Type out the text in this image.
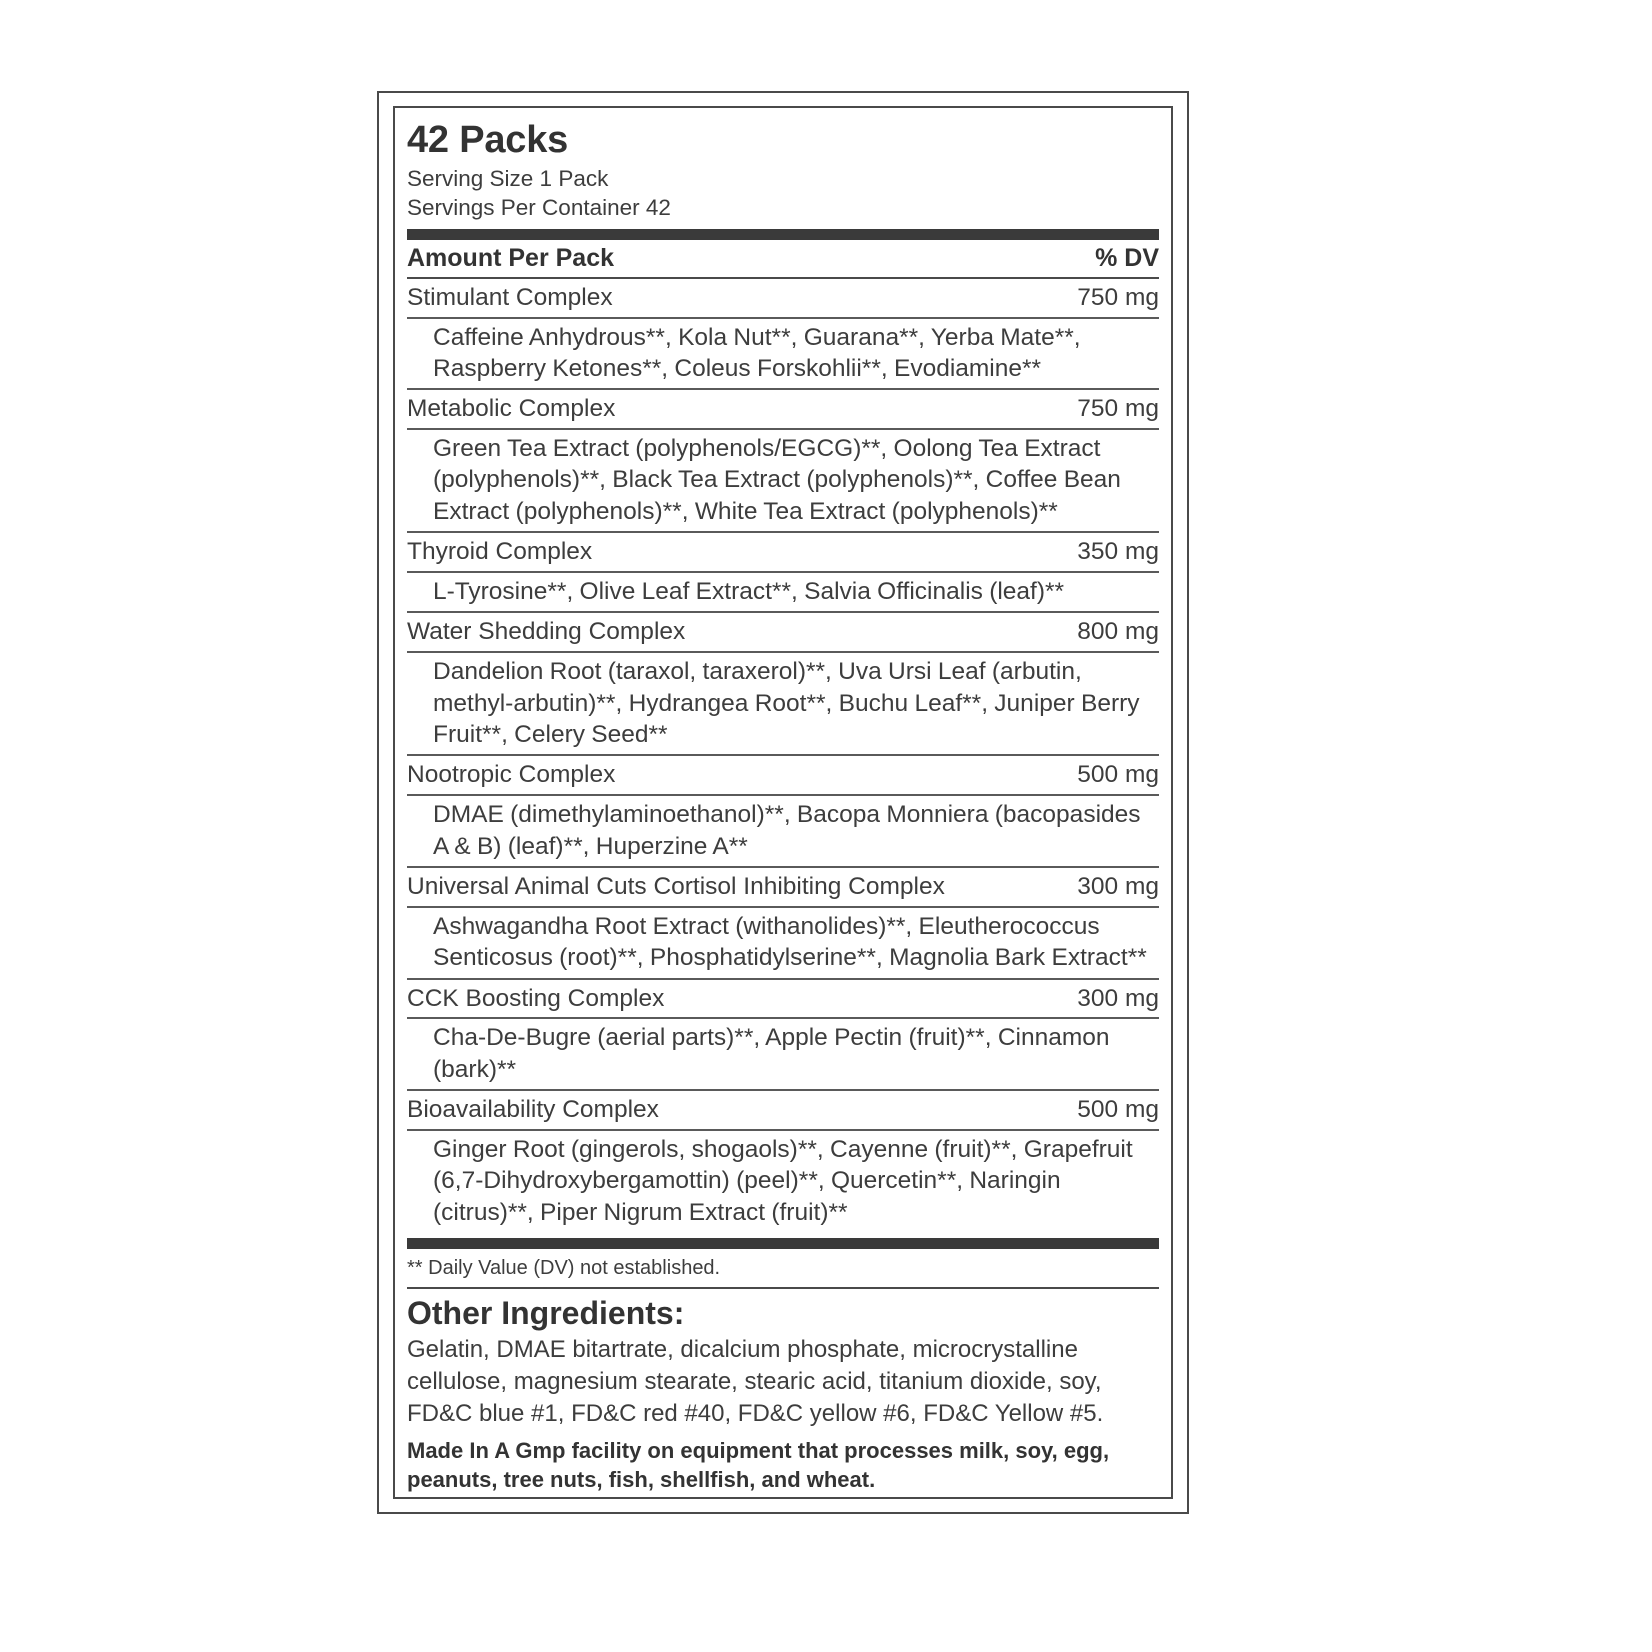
42 Packs
Serving Size 1 Pack
Servings Per Container 42
Amount Per Pack	% DV
Stimulant Complex	750 mg
Caffeine Anhydrous**, Kola Nut**, Guarana**, Yerba Mate**, Raspberry Ketones**, Coleus Forskohlii**, Evodiamine**
Metabolic Complex	750 mg
Green Tea Extract (polyphenols/EGCG)**, Oolong Tea Extract (polyphenols)**, Black Tea Extract (polyphenols)**, Coffee Bean Extract (polyphenols)**, White Tea Extract (polyphenols)**
Thyroid Complex	350 mg
L-Tyrosine**, Olive Leaf Extract**, Salvia Officinalis (leaf)**
Water Shedding Complex	800 mg
Dandelion Root (taraxol, taraxerol)**, Uva Ursi Leaf (arbutin, methyl-arbutin)**, Hydrangea Root**, Buchu Leaf**, Juniper Berry Fruit**, Celery Seed**
Nootropic Complex	500 mg
DMAE (dimethylaminoethanol)**, Bacopa Monniera (bacopasides A & B) (leaf)**, Huperzine A**
Universal Animal Cuts Cortisol Inhibiting Complex	300 mg
Ashwagandha Root Extract (withanolides)**, Eleutherococcus Senticosus (root)**, Phosphatidylserine**, Magnolia Bark Extract**
CCK Boosting Complex	300 mg
Cha-De-Bugre (aerial parts)**, Apple Pectin (fruit)**, Cinnamon (bark)**
Bioavailability Complex	500 mg
Ginger Root (gingerols, shogaols)**, Cayenne (fruit)**, Grapefruit (6,7-Dihydroxybergamottin) (peel)**, Quercetin**, Naringin (citrus)**, Piper Nigrum Extract (fruit)**
** Daily Value (DV) not established.
Other Ingredients:
Gelatin, DMAE bitartrate, dicalcium phosphate, microcrystalline cellulose, magnesium stearate, stearic acid, titanium dioxide, soy, FD&C blue #1, FD&C red #40, FD&C yellow #6, FD&C Yellow #5.
Made In A Gmp facility on equipment that processes milk, soy, egg, peanuts, tree nuts, fish, shellfish, and wheat.
